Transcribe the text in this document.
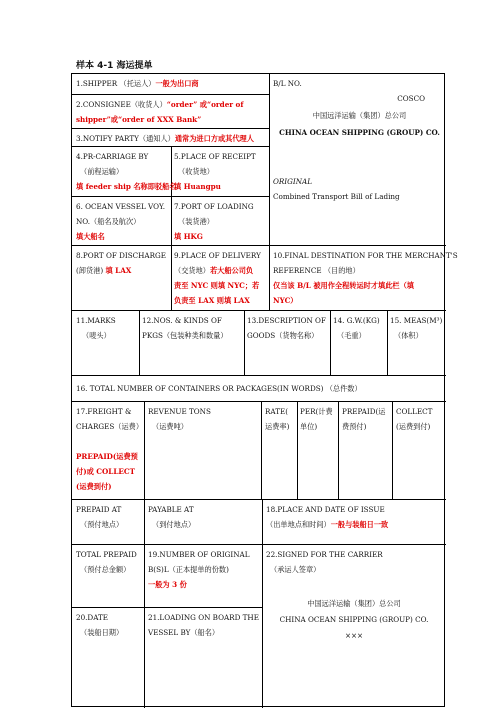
样本 4-1 海运提单
1.SHIPPER （托运人）一般为出口商
2.CONSIGNEE（收货人）“order” 或“order of
shipper”或“order of XXX Bank”
3.NOTIFY PARTY（通知人）通常为进口方或其代理人
4.PR-CARRIAGE BY
（前程运输）
填 feeder ship 名称即驳船名
5.PLACE OF RECEIPT
（收货地）
填 Huangpu
6. OCEAN VESSEL VOY.
NO.（船名及航次）
填大船名
7.PORT OF LOADING
（装货港）
填 HKG
B/L NO.
COSCO
中国远洋运输（集团）总公司
CHINA OCEAN SHIPPING (GROUP) CO.
ORIGINAL
Combined Transport Bill of Lading
8.PORT OF DISCHARGE
(卸货港) 填 LAX
9.PLACE OF DELIVERY
（交货地）若大船公司负
责至 NYC 则填 NYC；若
负责至 LAX 则填 LAX
10.FINAL DESTINATION FOR THE MERCHANT'S
REFERENCE （目的地）
仅当该 B/L 被用作全程转运时才填此栏（填
NYC）
11.MARKS
（唛头）
12.NOS. & KINDS OF
PKGS（包装种类和数量）
13.DESCRIPTION OF
GOODS（货物名称）
14. G.W.(KG)
（毛重）
15. MEAS(M³)
（体积）
16. TOTAL NUMBER OF CONTAINERS OR PACKAGES(IN WORDS) （总件数）
17.FREIGHT &
CHARGES（运费）
PREPAID(运费预
付)或 COLLECT
(运费到付)
REVENUE TONS
（运费吨）
RATE(
运费率)
PER(计费
单位)
PREPAID(运
费预付)
COLLECT
(运费到付)
PREPAID AT
（预付地点）
PAYABLE AT
（到付地点）
18.PLACE AND DATE OF ISSUE
（出单地点和时间）一般与装船日一致
TOTAL PREPAID
（预付总金额）
19.NUMBER OF ORIGINAL
B(S)L（正本提单的份数)
一般为 3 份
22.SIGNED FOR THE CARRIER
（承运人签章）
中国远洋运输（集团）总公司
CHINA OCEAN SHIPPING (GROUP) CO.
×××
20.DATE
（装船日期）
21.LOADING ON BOARD THE
VESSEL BY（船名）
